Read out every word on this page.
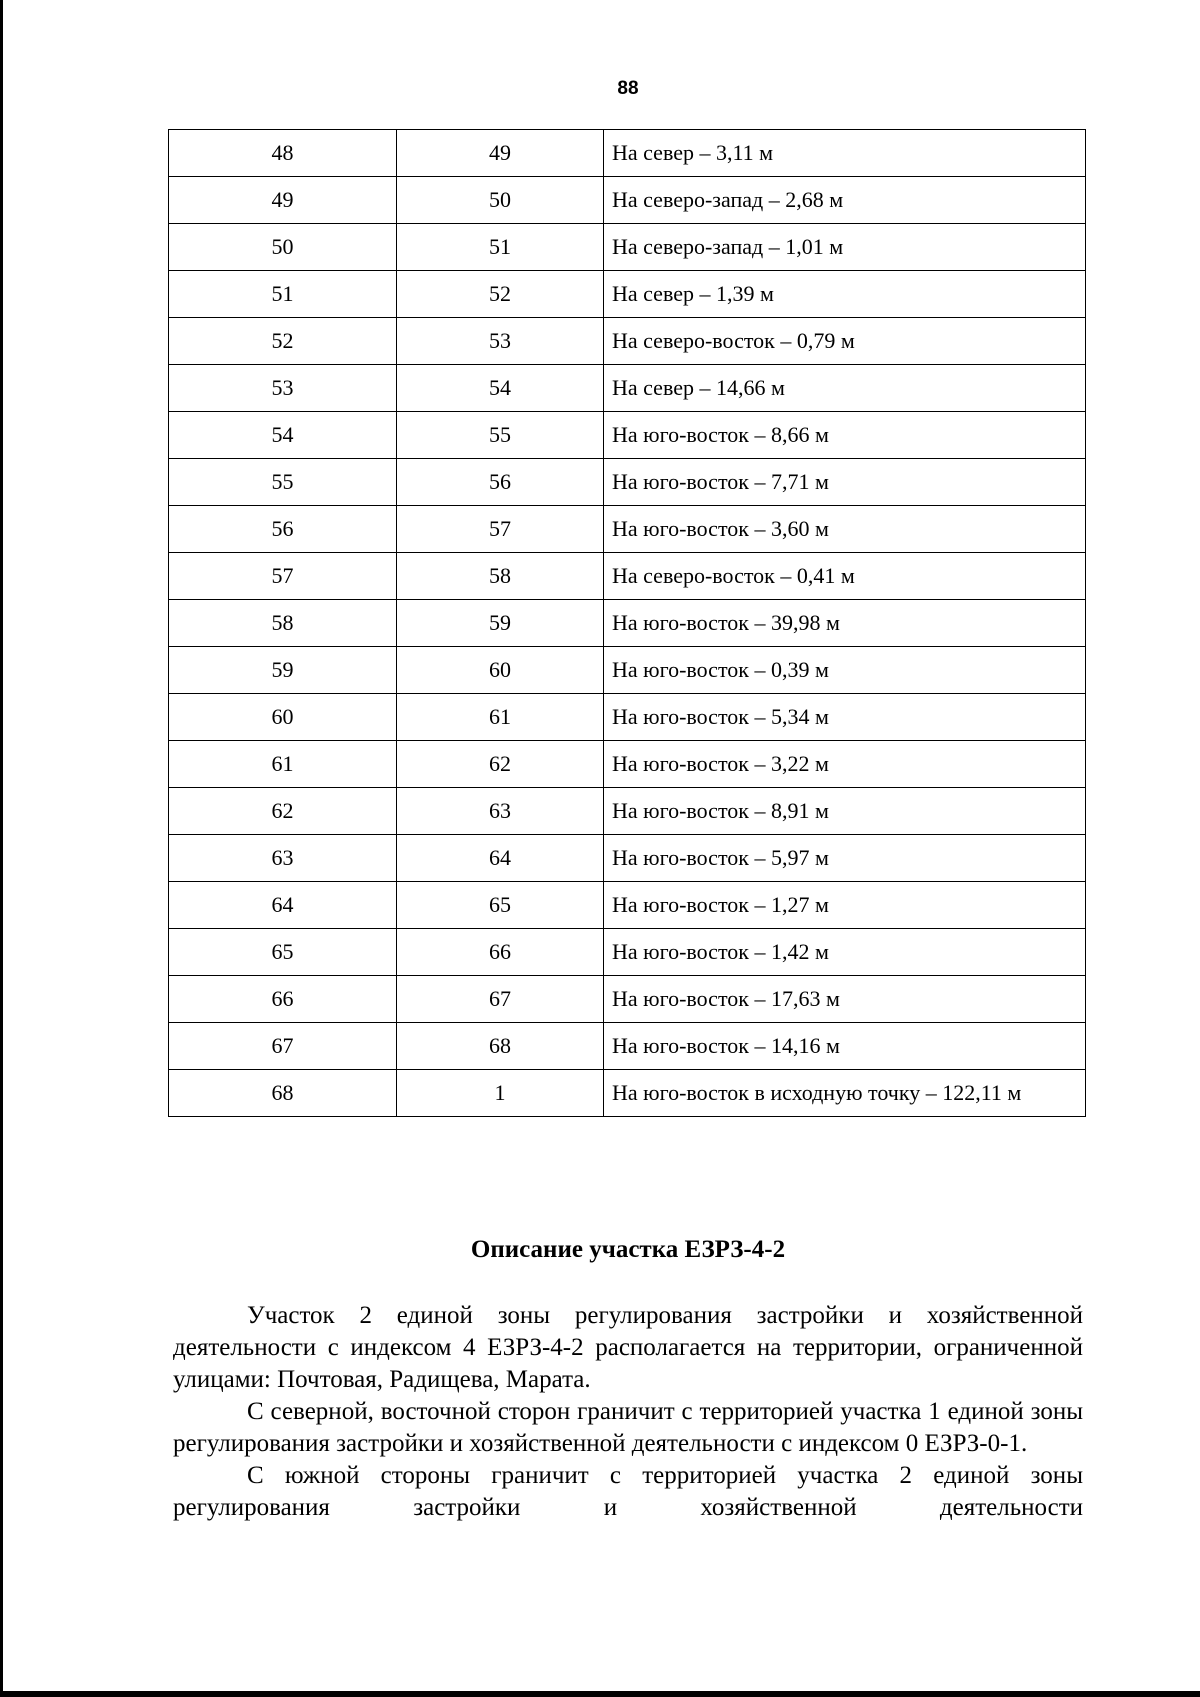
88
48	49	На север – 3,11 м
49	50	На северо-запад – 2,68 м
50	51	На северо-запад – 1,01 м
51	52	На север – 1,39 м
52	53	На северо-восток – 0,79 м
53	54	На север – 14,66 м
54	55	На юго-восток – 8,66 м
55	56	На юго-восток – 7,71 м
56	57	На юго-восток – 3,60 м
57	58	На северо-восток – 0,41 м
58	59	На юго-восток – 39,98 м
59	60	На юго-восток – 0,39 м
60	61	На юго-восток – 5,34 м
61	62	На юго-восток – 3,22 м
62	63	На юго-восток – 8,91 м
63	64	На юго-восток – 5,97 м
64	65	На юго-восток – 1,27 м
65	66	На юго-восток – 1,42 м
66	67	На юго-восток – 17,63 м
67	68	На юго-восток – 14,16 м
68	1	На юго-восток в исходную точку – 122,11 м
Описание участка ЕЗРЗ-4-2

Участок 2 единой зоны регулирования застройки и хозяйственной деятельности с индексом 4 ЕЗРЗ-4-2 располагается на территории, ограниченной улицами: Почтовая, Радищева, Марата.

С северной, восточной сторон граничит с территорией участка 1 единой зоны регулирования застройки и хозяйственной деятельности с индексом 0 ЕЗРЗ-0-1.

С южной стороны граничит с территорией участка 2 единой зоны регулирования застройки и хозяйственной деятельности
